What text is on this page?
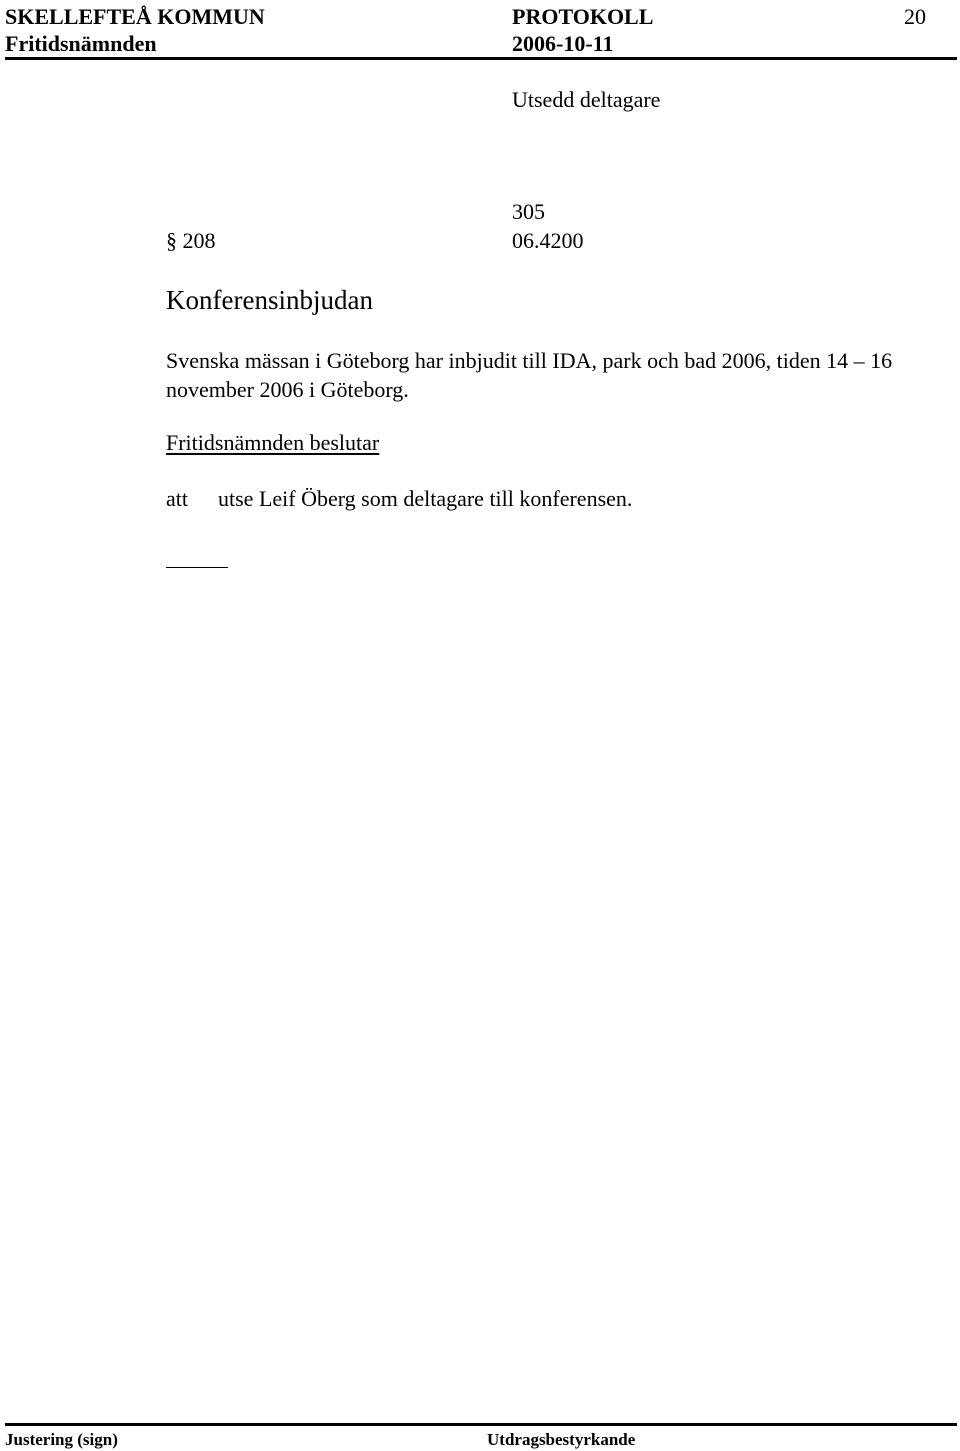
SKELLEFTEÅ KOMMUN	PROTOKOLL	20
Fritidsnämnden	2006-10-11
Utsedd deltagare
305
§ 208	06.4200
Konferensinbjudan
Svenska mässan i Göteborg har inbjudit till IDA, park och bad 2006, tiden 14 – 16 november 2006 i Göteborg.
Fritidsnämnden beslutar
att utse Leif Öberg som deltagare till konferensen.
Justering (sign)	Utdragsbestyrkande
